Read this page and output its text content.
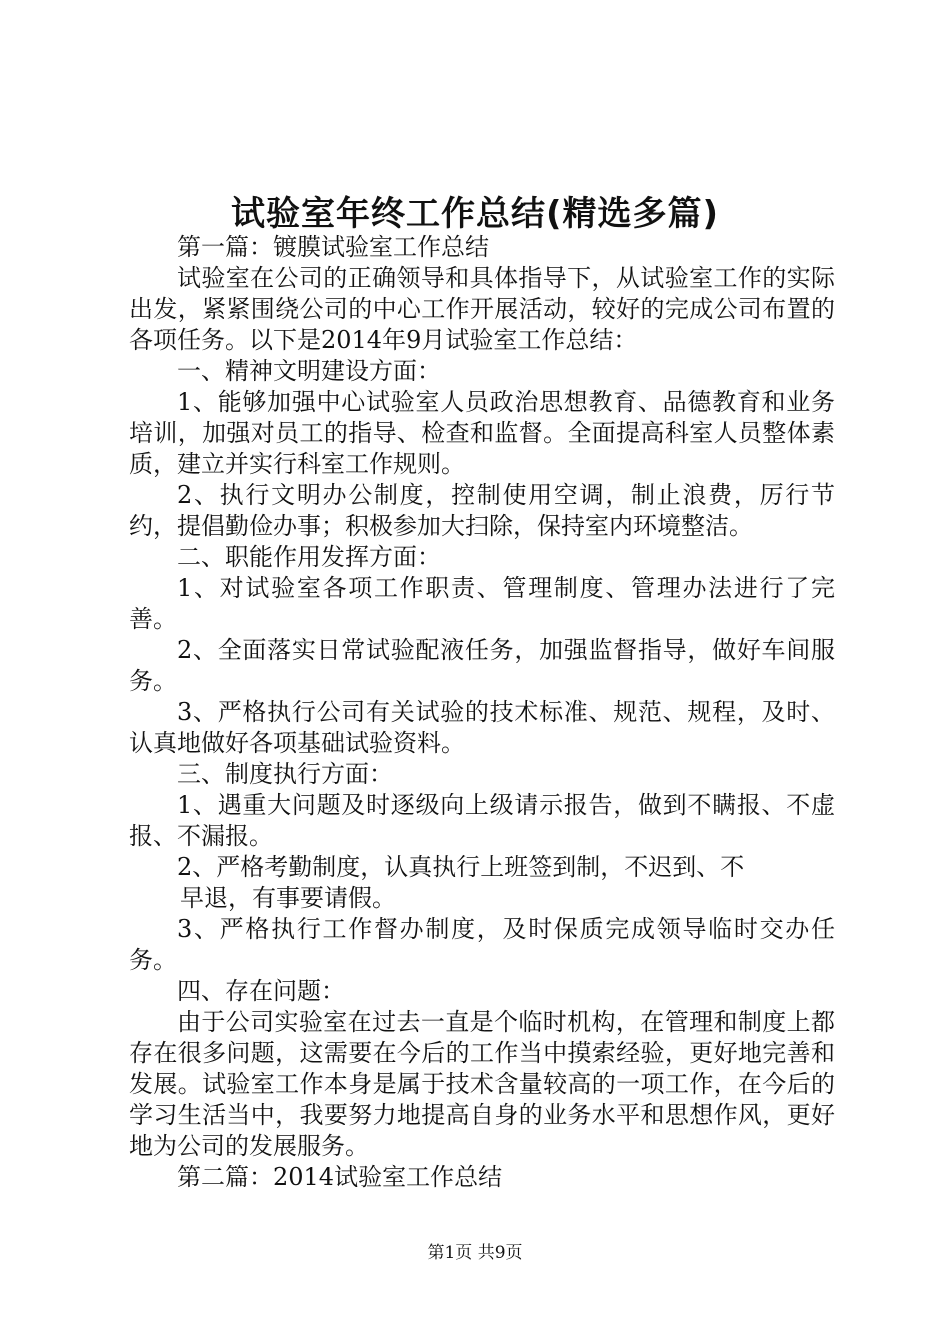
试验室年终工作总结(精选多篇)

第一篇：镀膜试验室工作总结

试验室在公司的正确领导和具体指导下，从试验室工作的实际出发，紧紧围绕公司的中心工作开展活动，较好的完成公司布置的各项任务。以下是2014年9月试验室工作总结：

一、精神文明建设方面：

1、能够加强中心试验室人员政治思想教育、品德教育和业务培训，加强对员工的指导、检查和监督。全面提高科室人员整体素质，建立并实行科室工作规则。

2、执行文明办公制度，控制使用空调，制止浪费，厉行节约，提倡勤俭办事；积极参加大扫除，保持室内环境整洁。

二、职能作用发挥方面：

1、对试验室各项工作职责、管理制度、管理办法进行了完善。

2、全面落实日常试验配液任务，加强监督指导，做好车间服务。

3、严格执行公司有关试验的技术标准、规范、规程，及时、认真地做好各项基础试验资料。

三、制度执行方面：

1、遇重大问题及时逐级向上级请示报告，做到不瞒报、不虚报、不漏报。

2、严格考勤制度，认真执行上班签到制，不迟到、不

早退，有事要请假。

3、严格执行工作督办制度，及时保质完成领导临时交办任务。

四、存在问题：

由于公司实验室在过去一直是个临时机构，在管理和制度上都存在很多问题，这需要在今后的工作当中摸索经验，更好地完善和发展。试验室工作本身是属于技术含量较高的一项工作，在今后的学习生活当中，我要努力地提高自身的业务水平和思想作风，更好地为公司的发展服务。

第二篇：2014试验室工作总结

第1页 共9页
